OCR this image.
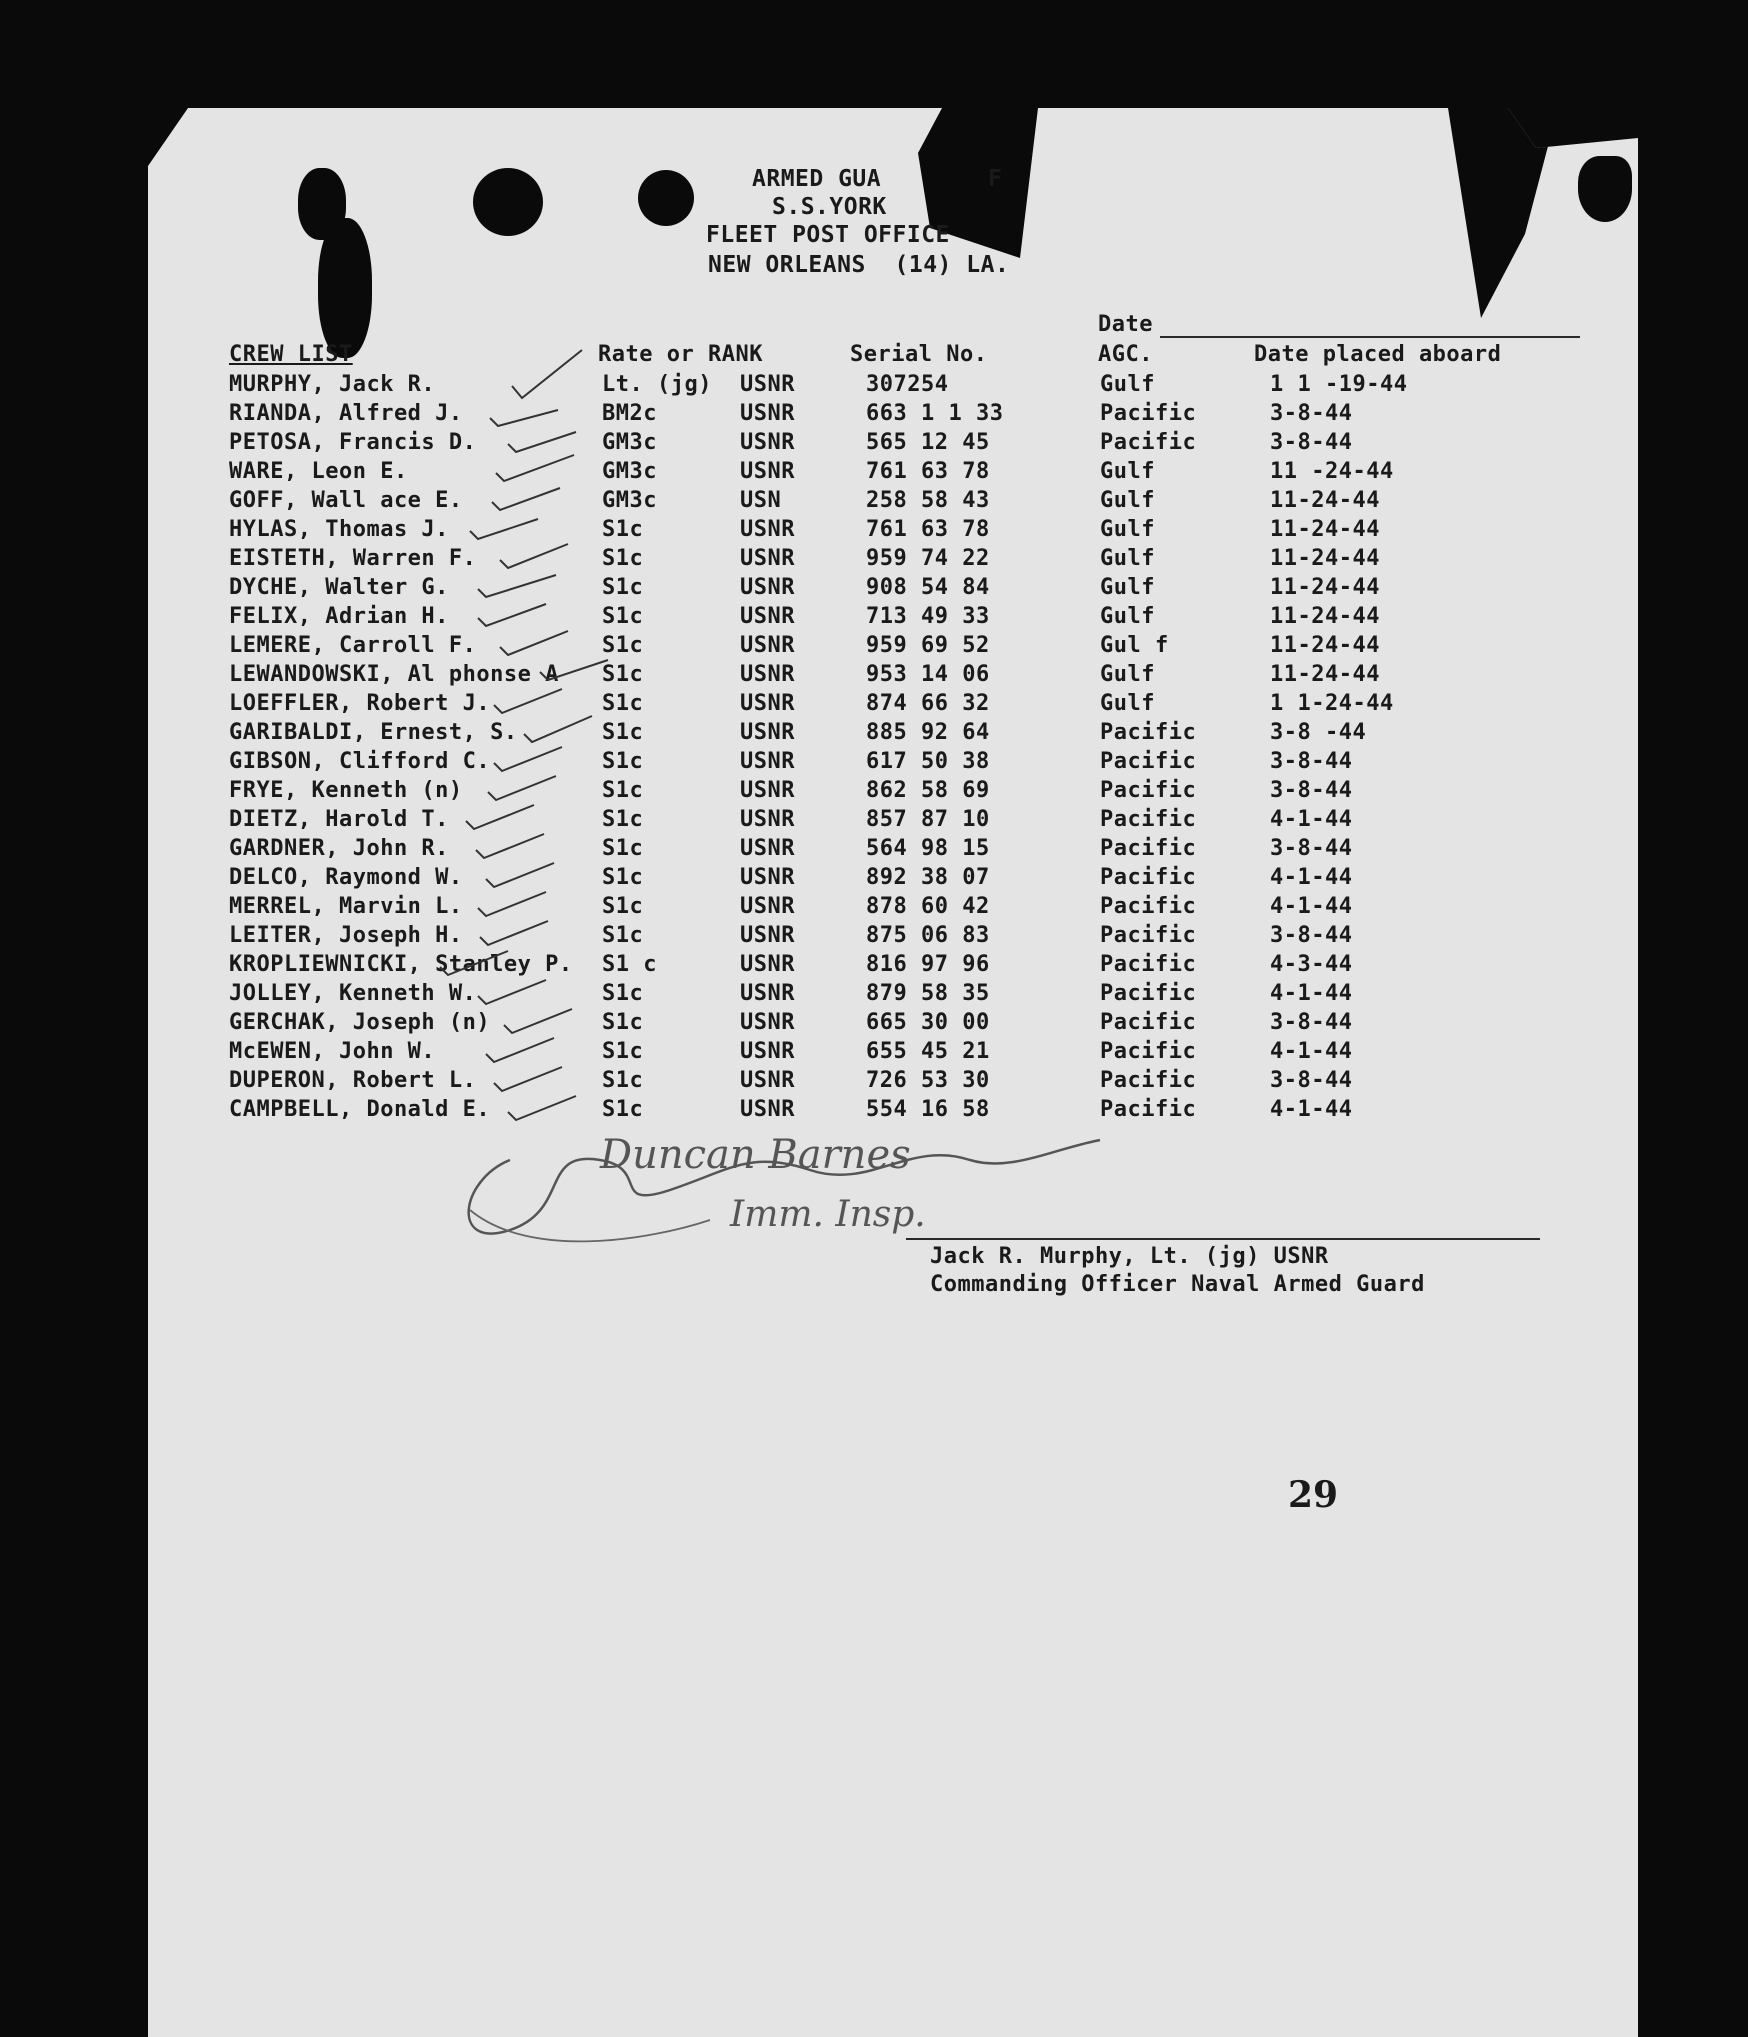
ARMED GUA	F
S.S.YORK
FLEET POST OFFICE
NEW ORLEANS  (14) LA.
Date
CREW LIST	Rate or RANK	Serial No.	AGC.	Date placed aboard
MURPHY, Jack R.	Lt. (jg) USNR	307254	Gulf	1 1 -19-44
RIANDA, Alfred J.	BM2c	USNR	663 1 1 33	Pacific	3-8-44
PETOSA, Francis D.	GM3c	USNR	565 12 45	Pacific	3-8-44
WARE, Leon E.	GM3c	USNR	761 63 78	Gulf	11 -24-44
GOFF, Wall ace E.	GM3c	USN	258 58 43	Gulf	11-24-44
HYLAS, Thomas J.	S1c	USNR	761 63 78	Gulf	11-24-44
EISTETH, Warren F.	S1c	USNR	959 74 22	Gulf	11-24-44
DYCHE, Walter G.	S1c	USNR	908 54 84	Gulf	11-24-44
FELIX, Adrian H.	S1c	USNR	713 49 33	Gulf	11-24-44
LEMERE, Carroll F.	S1c	USNR	959 69 52	Gul f	11-24-44
LEWANDOWSKI, Al phonse A S1c	USNR	953 14 06	Gulf	11-24-44
LOEFFLER, Robert J.	S1c	USNR	874 66 32	Gulf	1 1-24-44
GARIBALDI, Ernest, S.	S1c	USNR	885 92 64	Pacific	3-8 -44
GIBSON, Clifford C.	S1c	USNR	617 50 38	Pacific	3-8-44
FRYE, Kenneth (n)	S1c	USNR	862 58 69	Pacific	3-8-44
DIETZ, Harold T.	S1c	USNR	857 87 10	Pacific	4-1-44
GARDNER, John R.	S1c	USNR	564 98 15	Pacific	3-8-44
DELCO, Raymond W.	S1c	USNR	892 38 07	Pacific	4-1-44
MERREL, Marvin L.	S1c	USNR	878 60 42	Pacific	4-1-44
LEITER, Joseph H.	S1c	USNR	875 06 83	Pacific	3-8-44
KROPLIEWNICKI, Stanley P. S1 c	USNR	816 97 96	Pacific	4-3-44
JOLLEY, Kenneth W.	S1c	USNR	879 58 35	Pacific	4-1-44
GERCHAK, Joseph (n)	S1c	USNR	665 30 00	Pacific	3-8-44
McEWEN, John W.	S1c	USNR	655 45 21	Pacific	4-1-44
DUPERON, Robert L.	S1c	USNR	726 53 30	Pacific	3-8-44
CAMPBELL, Donald E.	S1c	USNR	554 16 58	Pacific	4-1-44
Duncan Barnes
Imm. Insp.
Jack R. Murphy, Lt. (jg) USNR
Commanding Officer Naval Armed Guard
29
